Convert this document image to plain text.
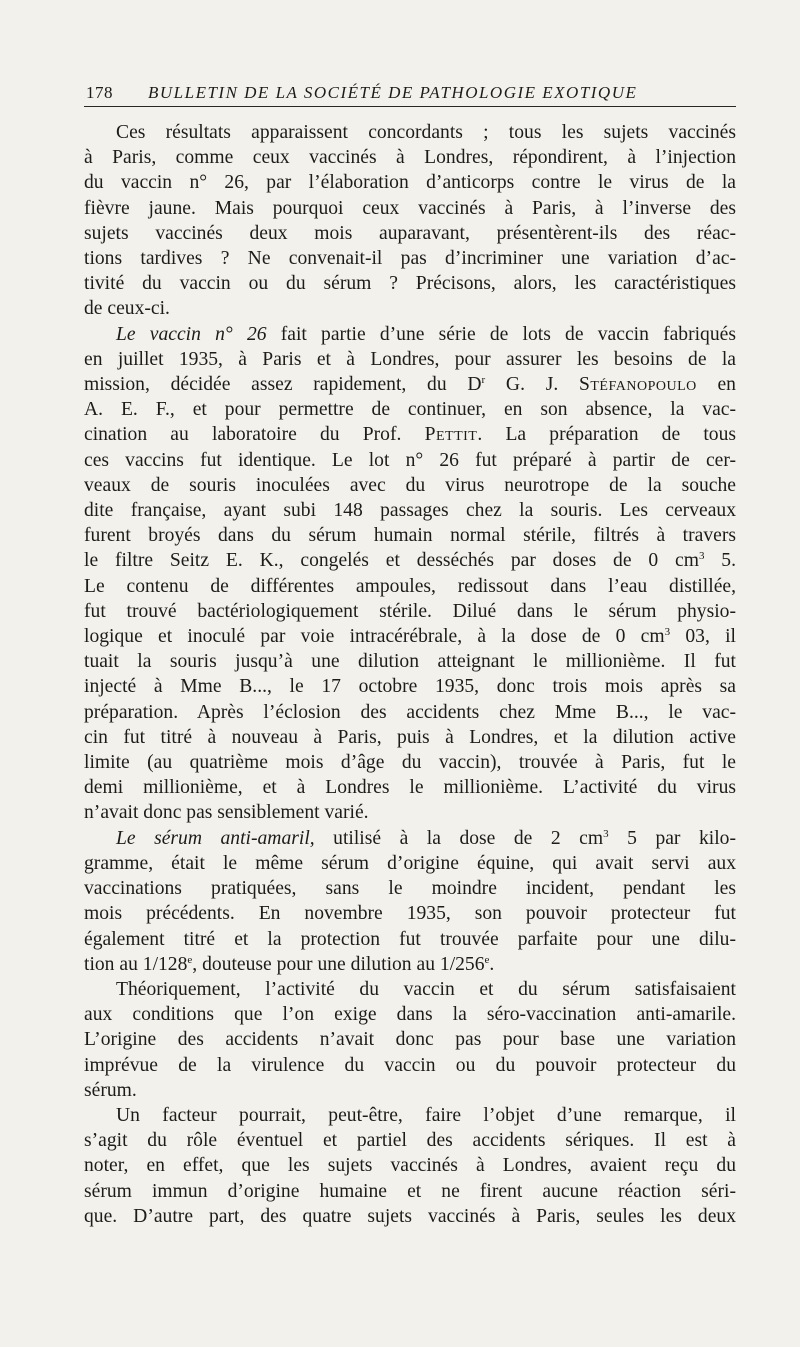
178 BULLETIN DE LA SOCIÉTÉ DE PATHOLOGIE EXOTIQUE
Ces résultats apparaissent concordants ; tous les sujets vaccinés
à Paris, comme ceux vaccinés à Londres, répondirent, à l’injection
du vaccin n° 26, par l’élaboration d’anticorps contre le virus de la
fièvre jaune. Mais pourquoi ceux vaccinés à Paris, à l’inverse des
sujets vaccinés deux mois auparavant, présentèrent-ils des réac-
tions tardives ? Ne convenait-il pas d’incriminer une variation d’ac-
tivité du vaccin ou du sérum ? Précisons, alors, les caractéristiques
de ceux-ci.
Le vaccin n° 26 fait partie d’une série de lots de vaccin fabriqués
en juillet 1935, à Paris et à Londres, pour assurer les besoins de la
mission, décidée assez rapidement, du $D^r$ G. J. Stéfanopoulo en
A. E. F., et pour permettre de continuer, en son absence, la vac-
cination au laboratoire du Prof. Pettit. La préparation de tous
ces vaccins fut identique. Le lot n° 26 fut préparé à partir de cer-
veaux de souris inoculées avec du virus neurotrope de la souche
dite française, ayant subi 148 passages chez la souris. Les cerveaux
furent broyés dans du sérum humain normal stérile, filtrés à travers
le filtre Seitz E. K., congelés et desséchés par doses de 0 $cm^3$ 5.
Le contenu de différentes ampoules, redissout dans l’eau distillée,
fut trouvé bactériologiquement stérile. Dilué dans le sérum physio-
logique et inoculé par voie intracérébrale, à la dose de 0 $cm^3$ 03, il
tuait la souris jusqu’à une dilution atteignant le millionième. Il fut
injecté à Mme B..., le 17 octobre 1935, donc trois mois après sa
préparation. Après l’éclosion des accidents chez Mme B..., le vac-
cin fut titré à nouveau à Paris, puis à Londres, et la dilution active
limite (au quatrième mois d’âge du vaccin), trouvée à Paris, fut le
demi millionième, et à Londres le millionième. L’activité du virus
n’avait donc pas sensiblement varié.
Le sérum anti-amaril, utilisé à la dose de 2 $cm^3$ 5 par kilo-
gramme, était le même sérum d’origine équine, qui avait servi aux
vaccinations pratiquées, sans le moindre incident, pendant les
mois précédents. En novembre 1935, son pouvoir protecteur fut
également titré et la protection fut trouvée parfaite pour une dilu-
tion au 1/128e, douteuse pour une dilution au 1/256e.
Théoriquement, l’activité du vaccin et du sérum satisfaisaient
aux conditions que l’on exige dans la séro-vaccination anti-amarile.
L’origine des accidents n’avait donc pas pour base une variation
imprévue de la virulence du vaccin ou du pouvoir protecteur du
sérum.
Un facteur pourrait, peut-être, faire l’objet d’une remarque, il
s’agit du rôle éventuel et partiel des accidents sériques. Il est à
noter, en effet, que les sujets vaccinés à Londres, avaient reçu du
sérum immun d’origine humaine et ne firent aucune réaction séri-
que. D’autre part, des quatre sujets vaccinés à Paris, seules les deux
